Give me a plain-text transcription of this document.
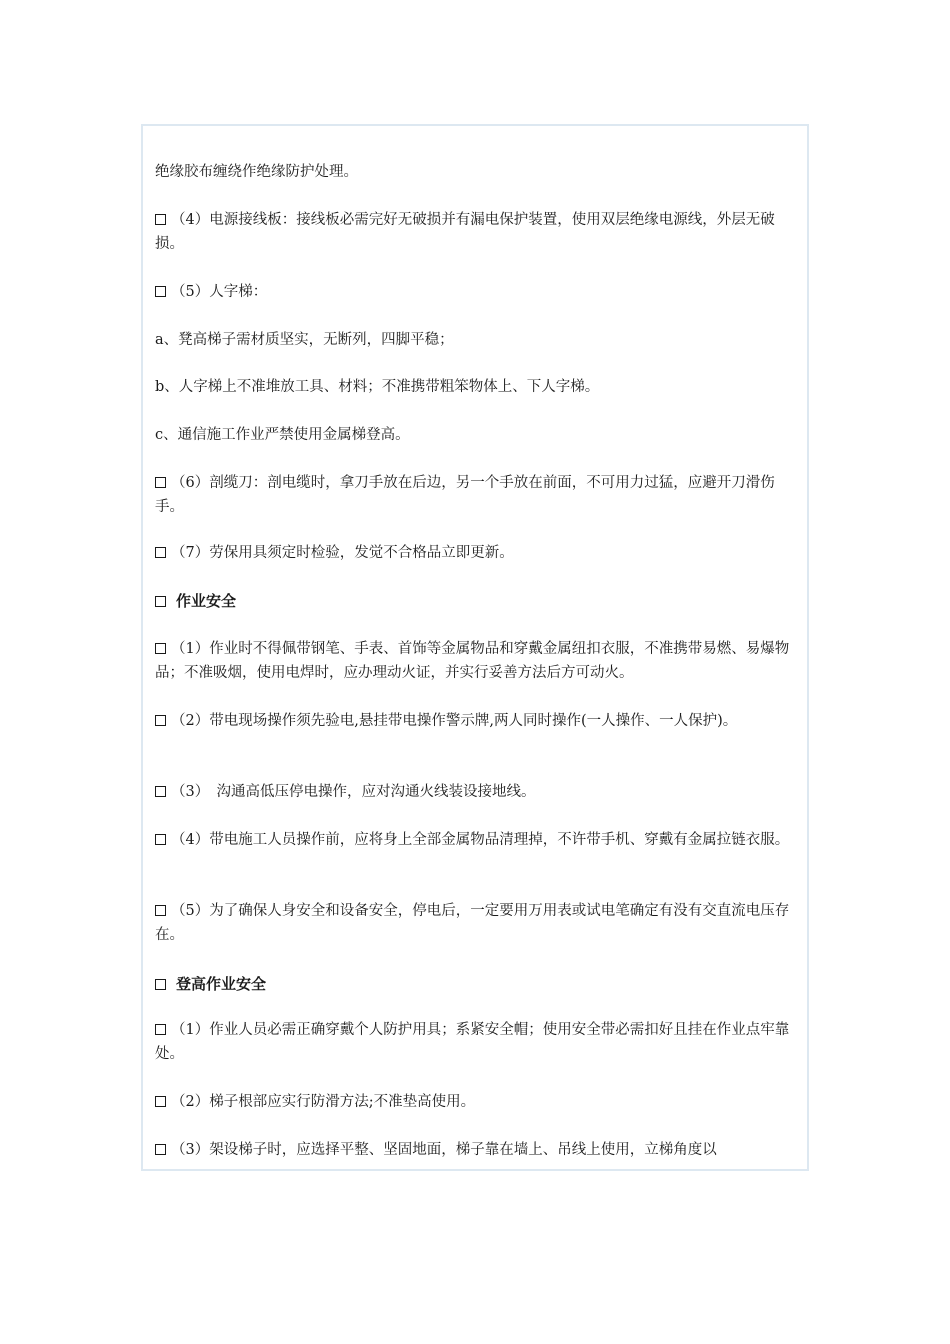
绝缘胶布缠绕作绝缘防护处理。
（4）电源接线板：接线板必需完好无破损并有漏电保护装置，使用双层绝缘电源线，外层无破损。
（5）人字梯：
a、凳高梯子需材质坚实，无断列，四脚平稳；
b、人字梯上不准堆放工具、材料；不准携带粗笨物体上、下人字梯。
c、通信施工作业严禁使用金属梯登高。
（6）剖缆刀：剖电缆时，拿刀手放在后边，另一个手放在前面，不可用力过猛，应避开刀滑伤手。
（7）劳保用具须定时检验，发觉不合格品立即更新。
作业安全
（1）作业时不得佩带钢笔、手表、首饰等金属物品和穿戴金属纽扣衣服，不准携带易燃、易爆物品；不准吸烟，使用电焊时，应办理动火证，并实行妥善方法后方可动火。
（2）带电现场操作须先验电,悬挂带电操作警示牌,两人同时操作(一人操作、一人保护)。
（3）　沟通高低压停电操作，应对沟通火线装设接地线。
（4）带电施工人员操作前，应将身上全部金属物品清理掉，不许带手机、穿戴有金属拉链衣服。
（5）为了确保人身安全和设备安全，停电后，一定要用万用表或试电笔确定有没有交直流电压存在。
登高作业安全
（1）作业人员必需正确穿戴个人防护用具；系紧安全帽；使用安全带必需扣好且挂在作业点牢靠处。
（2）梯子根部应实行防滑方法;不准垫高使用。
（3）架设梯子时，应选择平整、坚固地面，梯子靠在墙上、吊线上使用，立梯角度以
